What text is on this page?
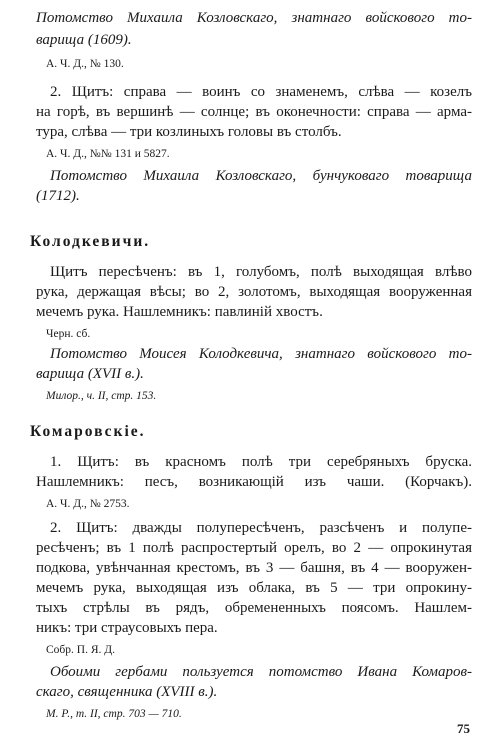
Потомство Михаила Козловскаго, знатнаго войскового то-
варища (1609).
А. Ч. Д., № 130.
2. Щитъ: справа — воинъ со знаменемъ, слѣва — козелъ
на горѣ, въ вершинѣ — солнце; въ оконечности: справа — арма-
тура, слѣва — три козлиныхъ головы въ столбъ.
А. Ч. Д., №№ 131 и 5827.
Потомство Михаила Козловскаго, бунчуковаго товарища
(1712).
Колодкевичи.
Щитъ пересѣченъ: въ 1, голубомъ, полѣ выходящая влѣво
рука, держащая вѣсы; во 2, золотомъ, выходящая вооруженная
мечемъ рука. Нашлемникъ: павлиній хвостъ.
Черн. сб.
Потомство Моисея Колодкевича, знатнаго войскового то-
варища (XVII в.).
Милор., ч. II, стр. 153.
Комаровскіе.
1. Щитъ: въ красномъ полѣ три серебряныхъ бруска.
Нашлемникъ: песъ, возникающій изъ чаши. (Корчакъ).
А. Ч. Д., № 2753.
2. Щитъ: дважды полупересѣченъ, разсѣченъ и полупе-
ресѣченъ; въ 1 полѣ распростертый орелъ, во 2 — опрокинутая
подкова, увѣнчанная крестомъ, въ 3 — башня, въ 4 — вооружен-
мечемъ рука, выходящая изъ облака, въ 5 — три опрокину-
тыхъ стрѣлы въ рядъ, обремененныхъ поясомъ. Нашлем-
никъ: три страусовыхъ пера.
Собр. П. Я. Д.
Обоими гербами пользуется потомство Ивана Комаров-
скаго, священника (XVIII в.).
М. Р., т. II, стр. 703 — 710.
75
